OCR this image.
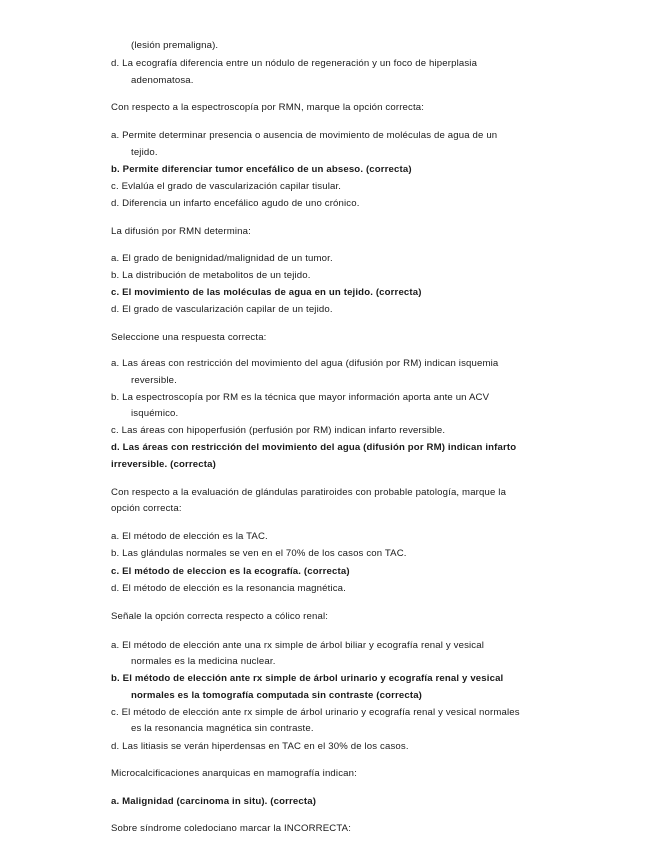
(lesión premaligna).
d. La ecografía diferencia entre un nódulo de regeneración y un foco de hiperplasia
adenomatosa.
Con respecto a la espectroscopía por RMN, marque la opción correcta:
a. Permite determinar presencia o ausencia de movimiento de moléculas de agua de un
tejido.
b. Permite diferenciar tumor encefálico de un abseso. (correcta)
c. Evlalúa el grado de vascularización capilar tisular.
d. Diferencia un infarto encefálico agudo de uno crónico.
La difusión por RMN determina:
a. El grado de benignidad/malignidad de un tumor.
b. La distribución de metabolitos de un tejido.
c. El movimiento de las moléculas de agua en un tejido. (correcta)
d. El grado de vascularización capilar de un tejido.
Seleccione una respuesta correcta:
a. Las áreas con restricción del movimiento del agua (difusión por RM) indican isquemia
reversible.
b. La espectroscopía por RM es la técnica que mayor información aporta ante un ACV
isquémico.
c. Las áreas con hipoperfusión (perfusión por RM) indican infarto reversible.
d. Las áreas con restricción del movimiento del agua (difusión por RM) indican infarto
irreversible. (correcta)
Con respecto a la evaluación de glándulas paratiroides con probable patología, marque la
opción correcta:
a. El método de elección es la TAC.
b. Las glándulas normales se ven en el 70% de los casos con TAC.
c. El método de eleccion es la ecografía. (correcta)
d. El método de elección es la resonancia magnética.
Señale la opción correcta respecto a cólico renal:
a. El método de elección ante una rx simple de árbol biliar y ecografía renal y vesical
normales es la medicina nuclear.
b. El método de elección ante rx simple de árbol urinario y ecografía renal y vesical
normales es la tomografía computada sin contraste (correcta)
c. El método de elección ante rx simple de árbol urinario y ecografía renal y vesical normales
es la resonancia magnética sin contraste.
d. Las litiasis se verán hiperdensas en TAC en el 30% de los casos.
Microcalcificaciones anarquicas en mamografía indican:
a. Malignidad (carcinoma in situ). (correcta)
Sobre síndrome coledociano marcar la INCORRECTA:
